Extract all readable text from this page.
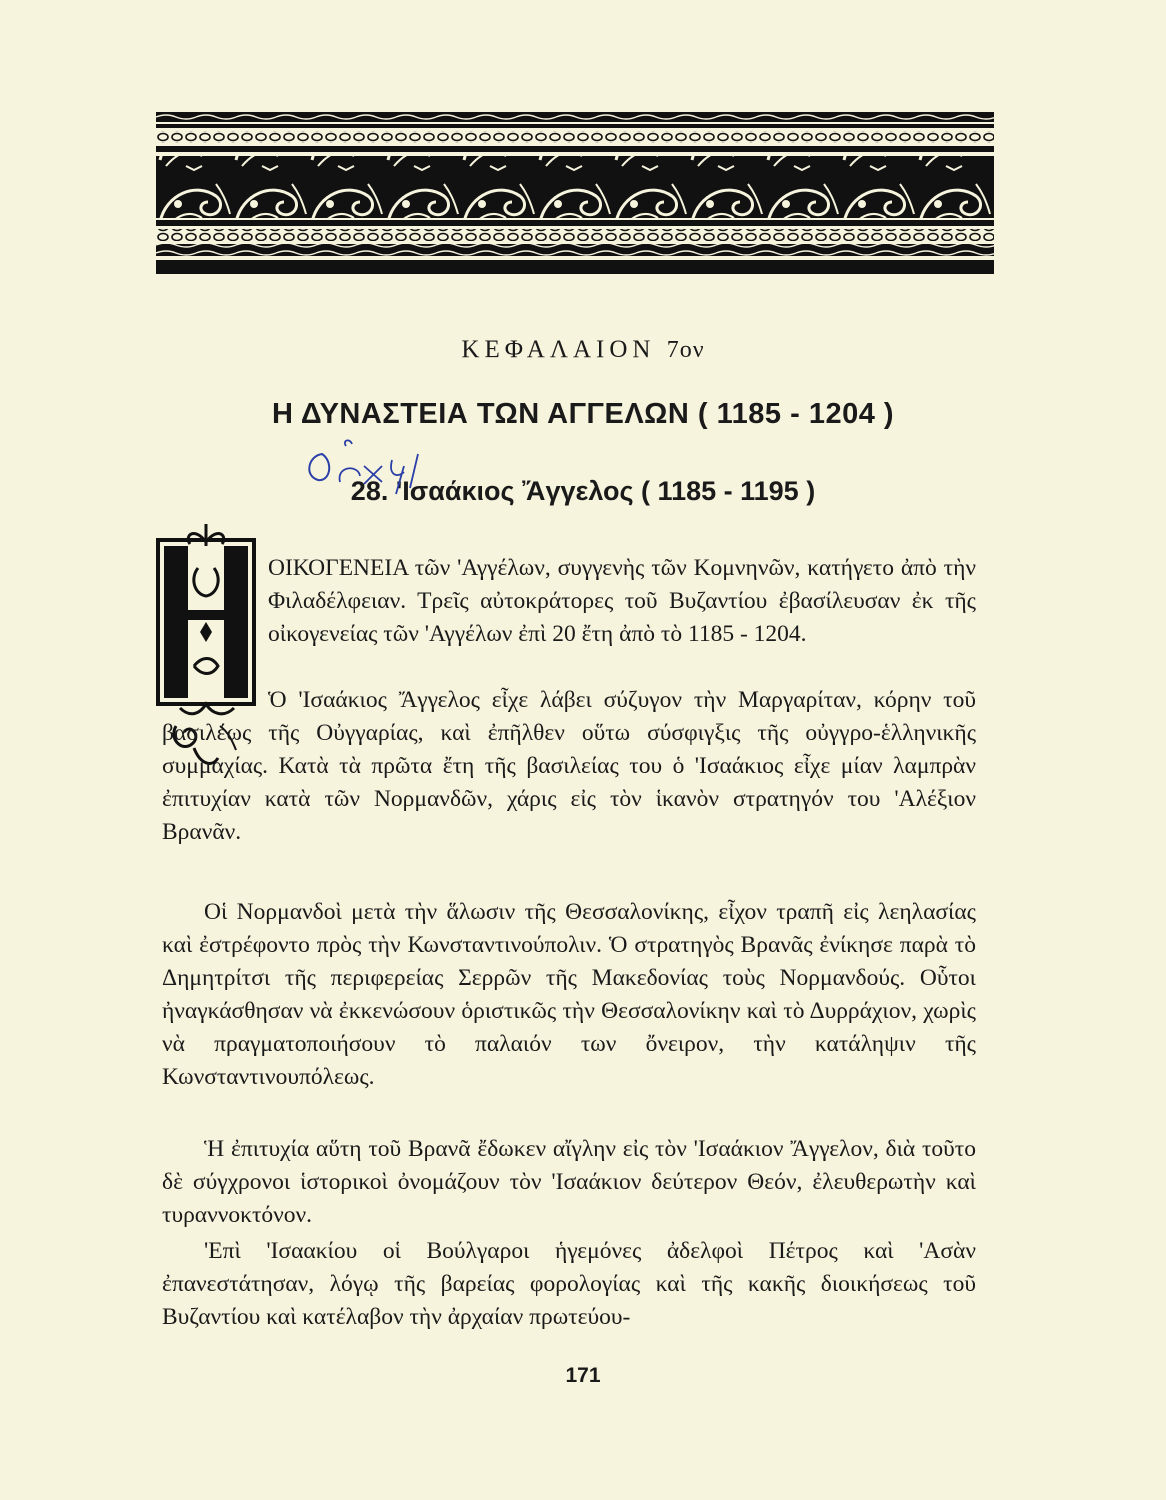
ΚΕΦΑΛΑΙΟΝ 7ον
Η ΔΥΝΑΣΤΕΙΑ ΤΩΝ ΑΓΓΕΛΩΝ ( 1185 - 1204 )
28. 'Ισαάκιος Ἄγγελος ( 1185 - 1195 )

ΟΙΚΟΓΕΝΕΙΑ τῶν 'Αγγέλων, συγγενὴς τῶν Κομνηνῶν, κατήγετο ἀπὸ τὴν Φιλαδέλφειαν. Τρεῖς αὐτοκράτορες τοῦ Βυζαντίου ἐβασίλευσαν ἐκ τῆς οἰκογενείας τῶν 'Αγγέλων ἐπὶ 20 ἔτη ἀπὸ τὸ 1185 - 1204.

Ὁ 'Ισαάκιος Ἄγγελος εἶχε λάβει σύζυγον τὴν Μαργαρίταν, κόρην τοῦ βασιλέως τῆς Οὐγγαρίας, καὶ ἐπῆλθεν οὕτω σύσφιγξις τῆς οὐγγρο-ἑλληνικῆς συμμαχίας. Κατὰ τὰ πρῶτα ἔτη τῆς βασιλείας του ὁ 'Ισαάκιος εἶχε μίαν λαμπρὰν ἐπιτυχίαν κατὰ τῶν Νορμανδῶν, χάρις εἰς τὸν ἱκανὸν στρατηγόν του 'Αλέξιον Βρανᾶν.

Οἱ Νορμανδοὶ μετὰ τὴν ἅλωσιν τῆς Θεσσαλονίκης, εἶχον τραπῆ εἰς λεηλασίας καὶ ἐστρέφοντο πρὸς τὴν Κωνσταντινούπολιν. Ὁ στρατηγὸς Βρανᾶς ἐνίκησε παρὰ τὸ Δημητρίτσι τῆς περιφερείας Σερρῶν τῆς Μακεδονίας τοὺς Νορμανδούς. Οὗτοι ἠναγκάσθησαν νὰ ἐκκενώσουν ὁριστικῶς τὴν Θεσσαλονίκην καὶ τὸ Δυρράχιον, χωρὶς νὰ πραγματοποιήσουν τὸ παλαιόν των ὄνειρον, τὴν κατάληψιν τῆς Κωνσταντινουπόλεως.

Ἡ ἐπιτυχία αὕτη τοῦ Βρανᾶ ἔδωκεν αἴγλην εἰς τὸν 'Ισαάκιον Ἄγγελον, διὰ τοῦτο δὲ σύγχρονοι ἱστορικοὶ ὀνομάζουν τὸν 'Ισαάκιον δεύτερον Θεόν, ἐλευθερωτὴν καὶ τυραννοκτόνον.

'Επὶ 'Ισαακίου οἱ Βούλγαροι ἡγεμόνες ἀδελφοὶ Πέτρος καὶ 'Ασὰν ἐπανεστάτησαν, λόγῳ τῆς βαρείας φορολογίας καὶ τῆς κακῆς διοικήσεως τοῦ Βυζαντίου καὶ κατέλαβον τὴν ἀρχαίαν πρωτεύου-

171
